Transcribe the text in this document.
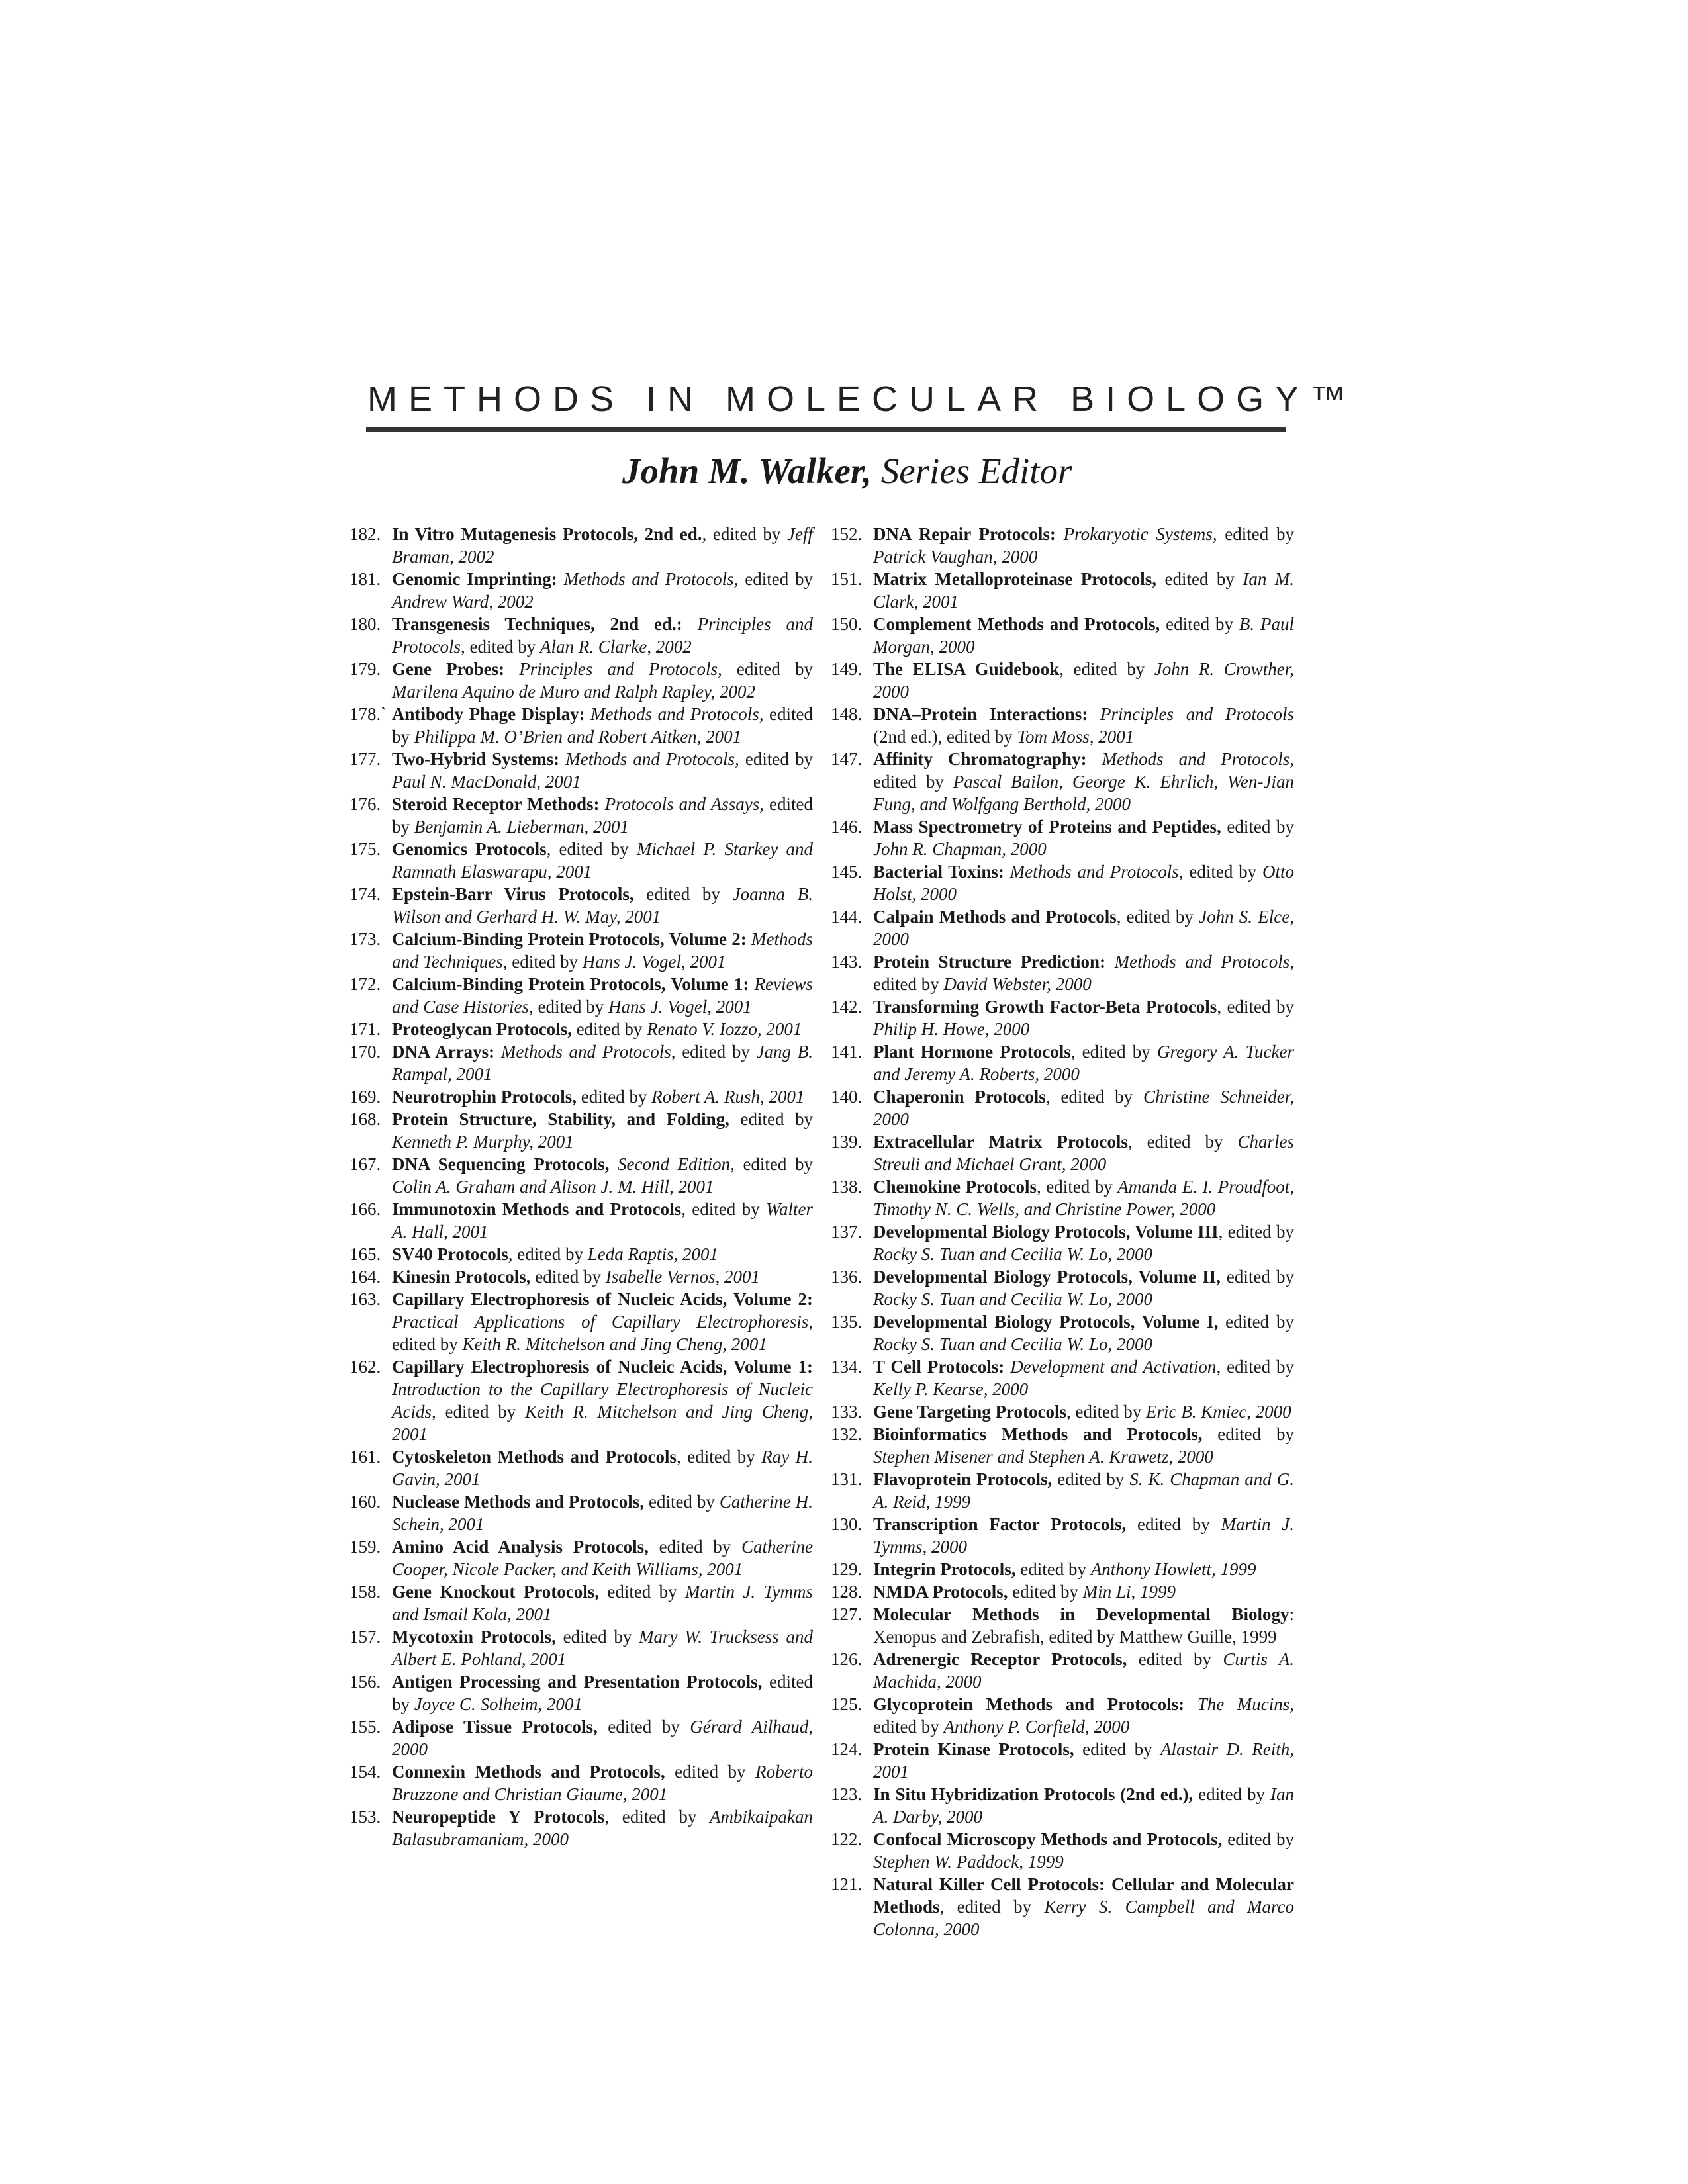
METHODS IN MOLECULAR BIOLOGY™
John M. Walker, Series Editor
182. In Vitro Mutagenesis Protocols, 2nd ed., edited by Jeff Braman, 2002
181. Genomic Imprinting: Methods and Protocols, edited by Andrew Ward, 2002
180. Transgenesis Techniques, 2nd ed.: Principles and Protocols, edited by Alan R. Clarke, 2002
179. Gene Probes: Principles and Protocols, edited by Marilena Aquino de Muro and Ralph Rapley, 2002
178.` Antibody Phage Display: Methods and Protocols, edited by Philippa M. O’Brien and Robert Aitken, 2001
177. Two-Hybrid Systems: Methods and Protocols, edited by Paul N. MacDonald, 2001
176. Steroid Receptor Methods: Protocols and Assays, edited by Benjamin A. Lieberman, 2001
175. Genomics Protocols, edited by Michael P. Starkey and Ramnath Elaswarapu, 2001
174. Epstein-Barr Virus Protocols, edited by Joanna B. Wilson and Gerhard H. W. May, 2001
173. Calcium-Binding Protein Protocols, Volume 2: Methods and Techniques, edited by Hans J. Vogel, 2001
172. Calcium-Binding Protein Protocols, Volume 1: Reviews and Case Histories, edited by Hans J. Vogel, 2001
171. Proteoglycan Protocols, edited by Renato V. Iozzo, 2001
170. DNA Arrays: Methods and Protocols, edited by Jang B. Rampal, 2001
169. Neurotrophin Protocols, edited by Robert A. Rush, 2001
168. Protein Structure, Stability, and Folding, edited by Kenneth P. Murphy, 2001
167. DNA Sequencing Protocols, Second Edition, edited by Colin A. Graham and Alison J. M. Hill, 2001
166. Immunotoxin Methods and Protocols, edited by Walter A. Hall, 2001
165. SV40 Protocols, edited by Leda Raptis, 2001
164. Kinesin Protocols, edited by Isabelle Vernos, 2001
163. Capillary Electrophoresis of Nucleic Acids, Volume 2: Practical Applications of Capillary Electrophoresis, edited by Keith R. Mitchelson and Jing Cheng, 2001
162. Capillary Electrophoresis of Nucleic Acids, Volume 1: Introduction to the Capillary Electrophoresis of Nucleic Acids, edited by Keith R. Mitchelson and Jing Cheng, 2001
161. Cytoskeleton Methods and Protocols, edited by Ray H. Gavin, 2001
160. Nuclease Methods and Protocols, edited by Catherine H. Schein, 2001
159. Amino Acid Analysis Protocols, edited by Catherine Cooper, Nicole Packer, and Keith Williams, 2001
158. Gene Knockout Protocols, edited by Martin J. Tymms and Ismail Kola, 2001
157. Mycotoxin Protocols, edited by Mary W. Trucksess and Albert E. Pohland, 2001
156. Antigen Processing and Presentation Protocols, edited by Joyce C. Solheim, 2001
155. Adipose Tissue Protocols, edited by Gérard Ailhaud, 2000
154. Connexin Methods and Protocols, edited by Roberto Bruzzone and Christian Giaume, 2001
153. Neuropeptide Y Protocols, edited by Ambikaipakan Balasubramaniam, 2000
152. DNA Repair Protocols: Prokaryotic Systems, edited by Patrick Vaughan, 2000
151. Matrix Metalloproteinase Protocols, edited by Ian M. Clark, 2001
150. Complement Methods and Protocols, edited by B. Paul Morgan, 2000
149. The ELISA Guidebook, edited by John R. Crowther, 2000
148. DNA–Protein Interactions: Principles and Protocols (2nd ed.), edited by Tom Moss, 2001
147. Affinity Chromatography: Methods and Protocols, edited by Pascal Bailon, George K. Ehrlich, Wen-Jian Fung, and Wolfgang Berthold, 2000
146. Mass Spectrometry of Proteins and Peptides, edited by John R. Chapman, 2000
145. Bacterial Toxins: Methods and Protocols, edited by Otto Holst, 2000
144. Calpain Methods and Protocols, edited by John S. Elce, 2000
143. Protein Structure Prediction: Methods and Protocols, edited by David Webster, 2000
142. Transforming Growth Factor-Beta Protocols, edited by Philip H. Howe, 2000
141. Plant Hormone Protocols, edited by Gregory A. Tucker and Jeremy A. Roberts, 2000
140. Chaperonin Protocols, edited by Christine Schneider, 2000
139. Extracellular Matrix Protocols, edited by Charles Streuli and Michael Grant, 2000
138. Chemokine Protocols, edited by Amanda E. I. Proudfoot, Timothy N. C. Wells, and Christine Power, 2000
137. Developmental Biology Protocols, Volume III, edited by Rocky S. Tuan and Cecilia W. Lo, 2000
136. Developmental Biology Protocols, Volume II, edited by Rocky S. Tuan and Cecilia W. Lo, 2000
135. Developmental Biology Protocols, Volume I, edited by Rocky S. Tuan and Cecilia W. Lo, 2000
134. T Cell Protocols: Development and Activation, edited by Kelly P. Kearse, 2000
133. Gene Targeting Protocols, edited by Eric B. Kmiec, 2000
132. Bioinformatics Methods and Protocols, edited by Stephen Misener and Stephen A. Krawetz, 2000
131. Flavoprotein Protocols, edited by S. K. Chapman and G. A. Reid, 1999
130. Transcription Factor Protocols, edited by Martin J. Tymms, 2000
129. Integrin Protocols, edited by Anthony Howlett, 1999
128. NMDA Protocols, edited by Min Li, 1999
127. Molecular Methods in Developmental Biology: Xenopus and Zebrafish, edited by Matthew Guille, 1999
126. Adrenergic Receptor Protocols, edited by Curtis A. Machida, 2000
125. Glycoprotein Methods and Protocols: The Mucins, edited by Anthony P. Corfield, 2000
124. Protein Kinase Protocols, edited by Alastair D. Reith, 2001
123. In Situ Hybridization Protocols (2nd ed.), edited by Ian A. Darby, 2000
122. Confocal Microscopy Methods and Protocols, edited by Stephen W. Paddock, 1999
121. Natural Killer Cell Protocols: Cellular and Molecular Methods, edited by Kerry S. Campbell and Marco Colonna, 2000
